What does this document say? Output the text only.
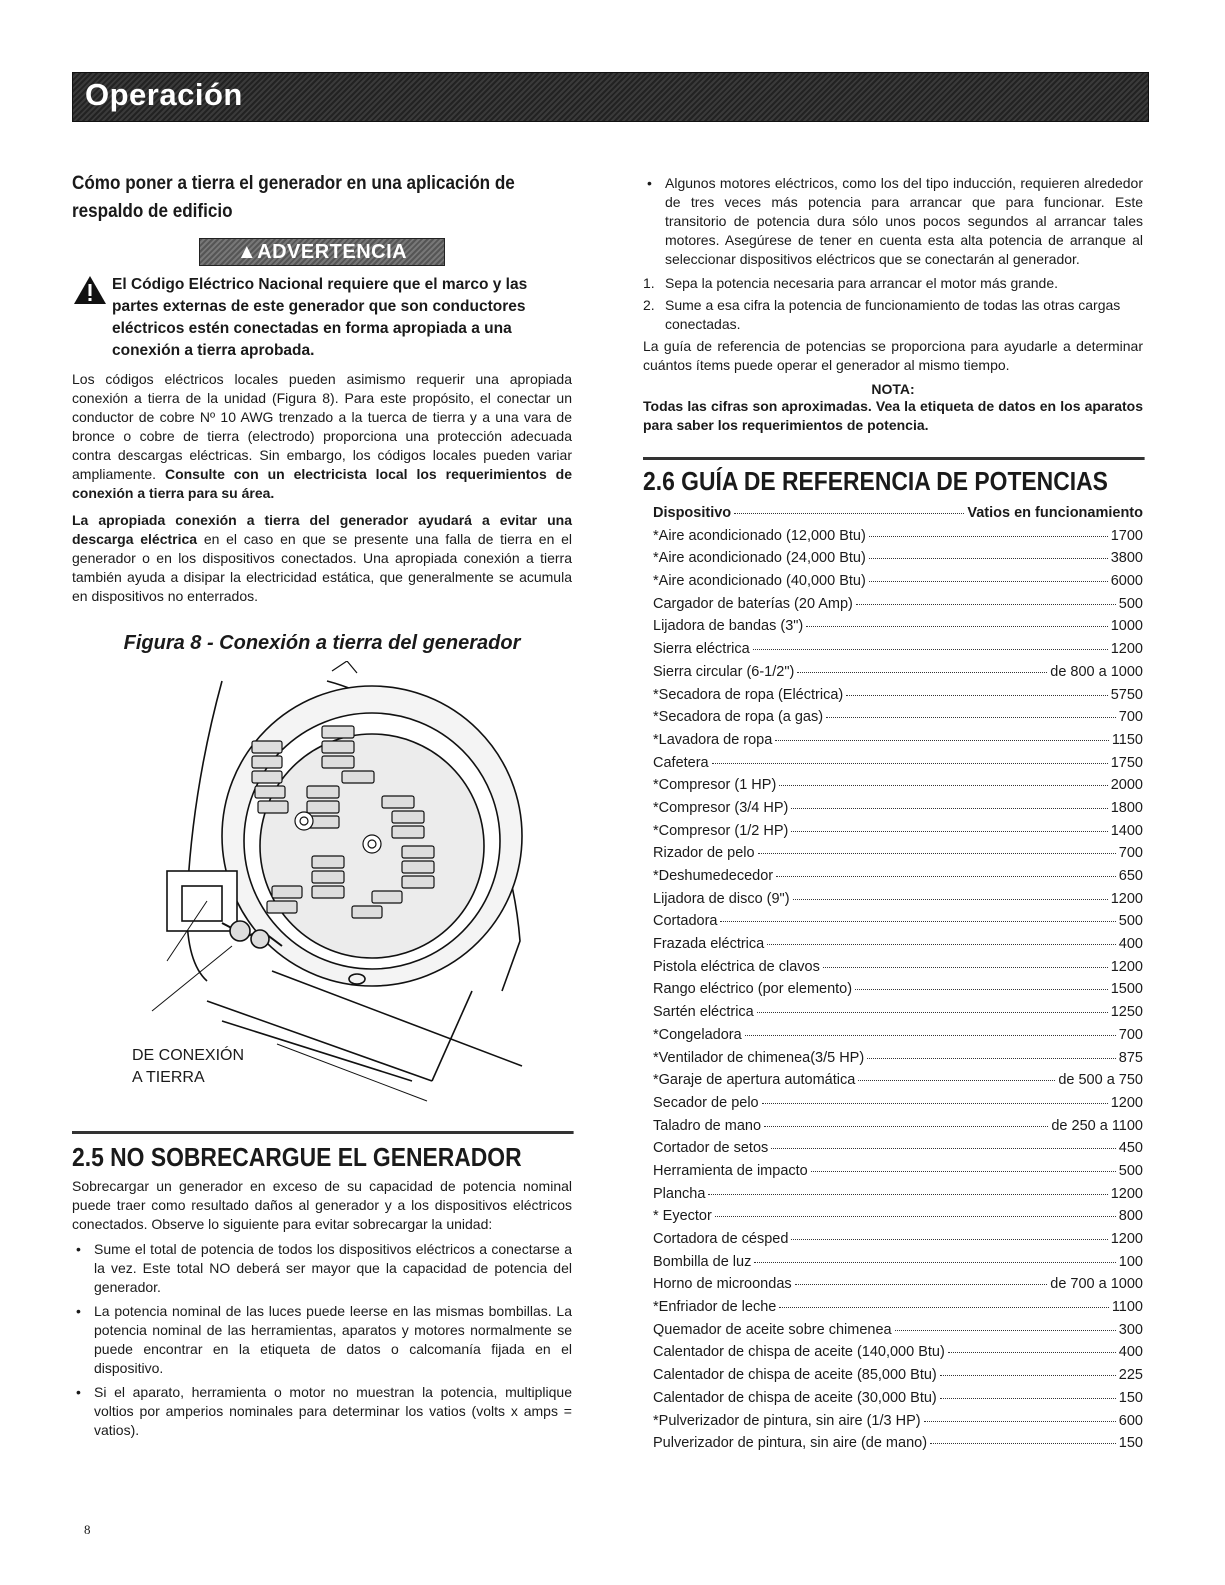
Operación
Cómo poner a tierra el generador en una aplicación de respaldo de edificio
▲ADVERTENCIA
El Código Eléctrico Nacional requiere que el marco y las partes externas de este generador que son conductores eléctricos estén conectadas en forma apropiada a una conexión a tierra aprobada.

Los códigos eléctricos locales pueden asimismo requerir una apropiada conexión a tierra de la unidad (Figura 8). Para este propósito, el conectar un conductor de cobre Nº 10 AWG trenzado a la tuerca de tierra y a una vara de bronce o cobre de tierra (electrodo) proporciona una protección adecuada contra descargas eléctricas. Sin embargo, los códigos locales pueden variar ampliamente. Consulte con un electricista local los requerimientos de conexión a tierra para su área.

La apropiada conexión a tierra del generador ayudará a evitar una descarga eléctrica en el caso en que se presente una falla de tierra en el generador o en los dispositivos conectados. Una apropiada conexión a tierra también ayuda a disipar la electricidad estática, que generalmente se acumula en dispositivos no enterrados.

Figura 8 - Conexión a tierra del generador
DE CONEXIÓN
A TIERRA
2.5 NO SOBRECARGUE EL GENERADOR

Sobrecargar un generador en exceso de su capacidad de potencia nominal puede traer como resultado daños al generador y a los dispositivos eléctricos conectados. Observe lo siguiente para evitar sobrecargar la unidad:

• Sume el total de potencia de todos los dispositivos eléctricos a conectarse a la vez. Este total NO deberá ser mayor que la capacidad de potencia del generador.
• La potencia nominal de las luces puede leerse en las mismas bombillas. La potencia nominal de las herramientas, aparatos y motores normalmente se puede encontrar en la etiqueta de datos o calcomanía fijada en el dispositivo.
• Si el aparato, herramienta o motor no muestran la potencia, multiplique voltios por amperios nominales para determinar los vatios (volts x amps = vatios).
• Algunos motores eléctricos, como los del tipo inducción, requieren alrededor de tres veces más potencia para arrancar que para funcionar. Este transitorio de potencia dura sólo unos pocos segundos al arrancar tales motores. Asegúrese de tener en cuenta esta alta potencia de arranque al seleccionar dispositivos eléctricos que se conectarán al generador.
1. Sepa la potencia necesaria para arrancar el motor más grande.
2. Sume a esa cifra la potencia de funcionamiento de todas las otras cargas conectadas.

La guía de referencia de potencias se proporciona para ayudarle a determinar cuántos ítems puede operar el generador al mismo tiempo.

NOTA:
Todas las cifras son aproximadas. Vea la etiqueta de datos en los aparatos para saber los requerimientos de potencia.
2.6 GUÍA DE REFERENCIA DE POTENCIAS
Dispositivo	Vatios en funcionamiento
*Aire acondicionado (12,000 Btu)	1700
*Aire acondicionado (24,000 Btu)	3800
*Aire acondicionado (40,000 Btu)	6000
Cargador de baterías (20 Amp)	500
Lijadora de bandas (3")	1000
Sierra eléctrica	1200
Sierra circular (6-1/2")	de 800 a 1000
*Secadora de ropa (Eléctrica)	5750
*Secadora de ropa (a gas)	700
*Lavadora de ropa	1150
Cafetera	1750
*Compresor (1 HP)	2000
*Compresor (3/4 HP)	1800
*Compresor (1/2 HP)	1400
Rizador de pelo	700
*Deshumedecedor	650
Lijadora de disco (9")	1200
Cortadora	500
Frazada eléctrica	400
Pistola eléctrica de clavos	1200
Rango eléctrico (por elemento)	1500
Sartén eléctrica	1250
*Congeladora	700
*Ventilador de chimenea(3/5 HP)	875
*Garaje de apertura automática	de 500 a 750
Secador de pelo	1200
Taladro de mano	de 250 a 1100
Cortador de setos	450
Herramienta de impacto	500
Plancha	1200
* Eyector	800
Cortadora de césped	1200
Bombilla de luz	100
Horno de microondas	de 700 a 1000
*Enfriador de leche	1100
Quemador de aceite sobre chimenea	300
Calentador de chispa de aceite (140,000 Btu)	400
Calentador de chispa de aceite (85,000 Btu)	225
Calentador de chispa de aceite (30,000 Btu)	150
*Pulverizador de pintura, sin aire (1/3 HP)	600
Pulverizador de pintura, sin aire (de mano)	150
8
